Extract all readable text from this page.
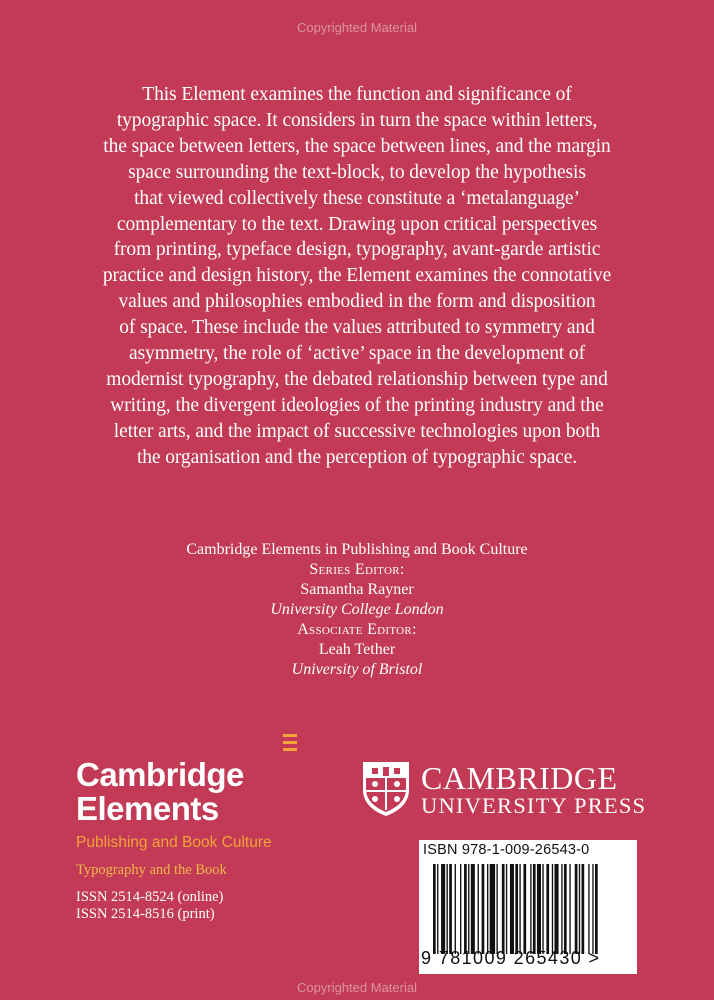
Copyrighted Material
This Element examines the function and significance of
typographic space. It considers in turn the space within letters,
the space between letters, the space between lines, and the margin
space surrounding the text-block, to develop the hypothesis
that viewed collectively these constitute a ‘metalanguage’
complementary to the text. Drawing upon critical perspectives
from printing, typeface design, typography, avant-garde artistic
practice and design history, the Element examines the connotative
values and philosophies embodied in the form and disposition
of space. These include the values attributed to symmetry and
asymmetry, the role of ‘active’ space in the development of
modernist typography, the debated relationship between type and
writing, the divergent ideologies of the printing industry and the
letter arts, and the impact of successive technologies upon both
the organisation and the perception of typographic space.
Cambridge Elements in Publishing and Book Culture
Series Editor:
Samantha Rayner
University College London
Associate Editor:
Leah Tether
University of Bristol
Cambridge
Elements
Publishing and Book Culture
Typography and the Book
ISSN 2514-8524 (online)
ISSN 2514-8516 (print)
CAMBRIDGE
UNIVERSITY PRESS
ISBN 978-1-009-26543-0
9 781009 265430 >
Copyrighted Material
